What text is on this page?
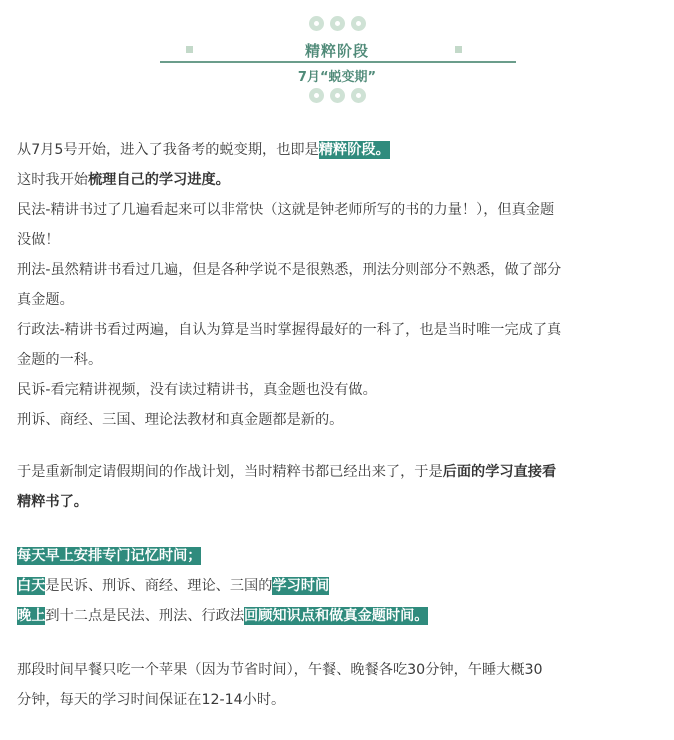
精粹阶段
7月“蜕变期”

从7月5号开始，进入了我备考的蜕变期，也即是精粹阶段。

这时我开始梳理自己的学习进度。

民法-精讲书过了几遍看起来可以非常快（这就是钟老师所写的书的力量！），但真金题

没做！

刑法-虽然精讲书看过几遍，但是各种学说不是很熟悉，刑法分则部分不熟悉，做了部分

真金题。

行政法-精讲书看过两遍，自认为算是当时掌握得最好的一科了，也是当时唯一完成了真

金题的一科。

民诉-看完精讲视频，没有读过精讲书，真金题也没有做。

刑诉、商经、三国、理论法教材和真金题都是新的。

于是重新制定请假期间的作战计划，当时精粹书都已经出来了，于是后面的学习直接看

精粹书了。

每天早上安排专门记忆时间；

白天是民诉、刑诉、商经、理论、三国的学习时间

晚上到十二点是民法、刑法、行政法回顾知识点和做真金题时间。

那段时间早餐只吃一个苹果（因为节省时间），午餐、晚餐各吃30分钟，午睡大概30

分钟，每天的学习时间保证在12-14小时。
